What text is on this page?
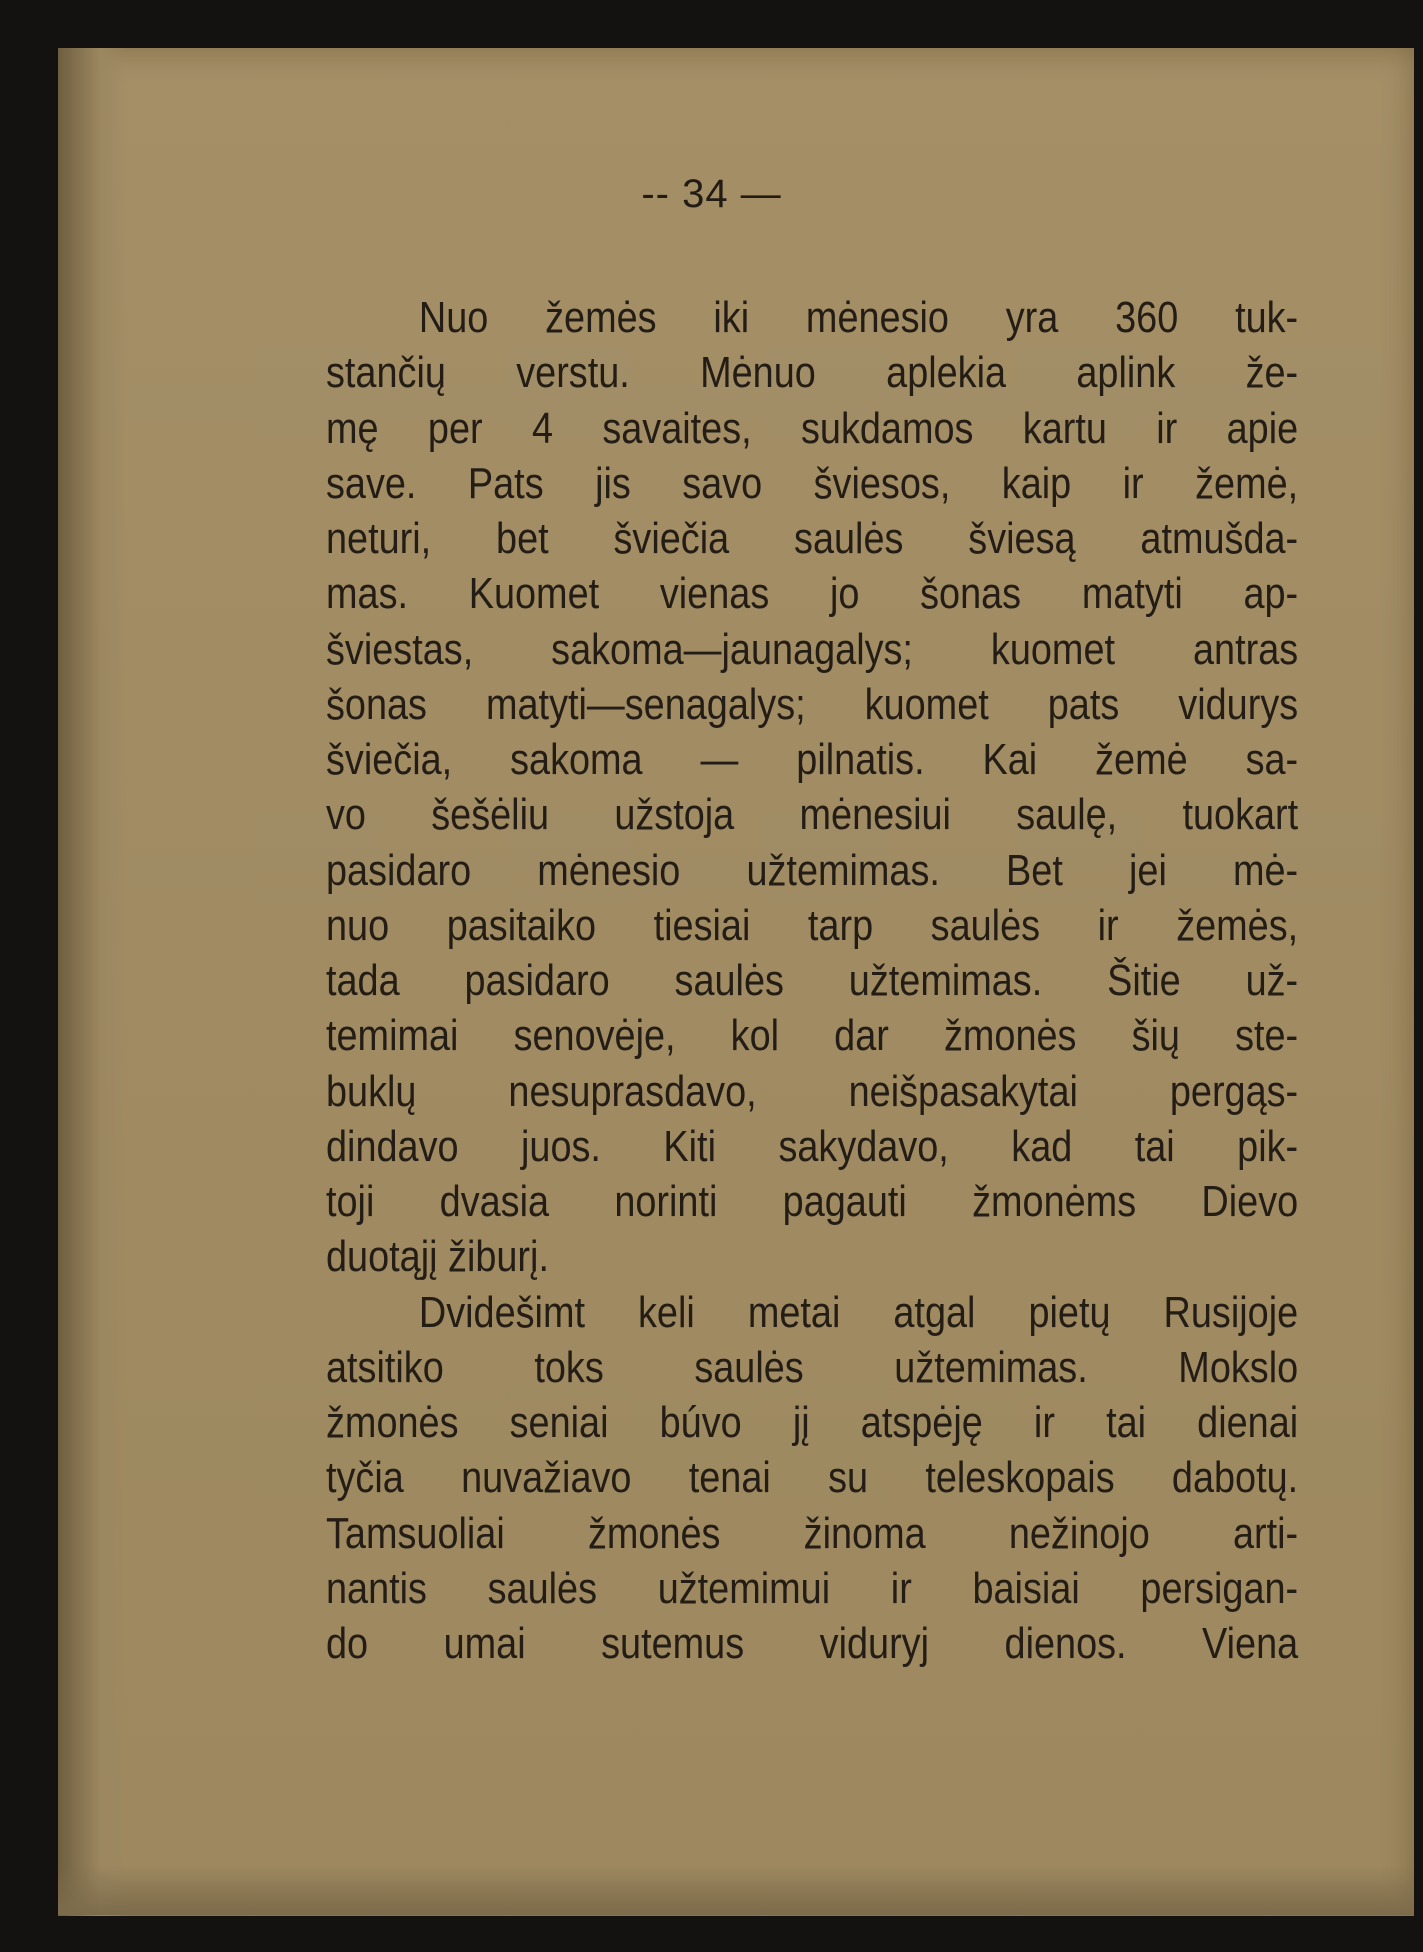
-- 34 —
Nuo žemės iki mėnesio yra 360 tuk-
stančių verstu. Mėnuo aplekia aplink že-
mę per 4 savaites, sukdamos kartu ir apie
save. Pats jis savo šviesos, kaip ir žemė,
neturi, bet šviečia saulės šviesą atmušda-
mas. Kuomet vienas jo šonas matyti ap-
šviestas, sakoma—jaunagalys; kuomet antras
šonas matyti—senagalys; kuomet pats vidurys
šviečia, sakoma — pilnatis. Kai žemė sa-
vo šešėliu užstoja mėnesiui saulę, tuokart
pasidaro mėnesio užtemimas. Bet jei mė-
nuo pasitaiko tiesiai tarp saulės ir žemės,
tada pasidaro saulės užtemimas. Šitie už-
temimai senovėje, kol dar žmonės šių ste-
buklų nesuprasdavo, neišpasakytai pergąs-
dindavo juos. Kiti sakydavo, kad tai pik-
toji dvasia norinti pagauti žmonėms Dievo
duotąjį žiburį.
Dvidešimt keli metai atgal pietų Rusijoje
atsitiko toks saulės užtemimas. Mokslo
žmonės seniai búvo jį atspėję ir tai dienai
tyčia nuvažiavo tenai su teleskopais dabotų.
Tamsuoliai žmonės žinoma nežinojo arti-
nantis saulės užtemimui ir baisiai persigan-
do umai sutemus viduryj dienos. Viena
